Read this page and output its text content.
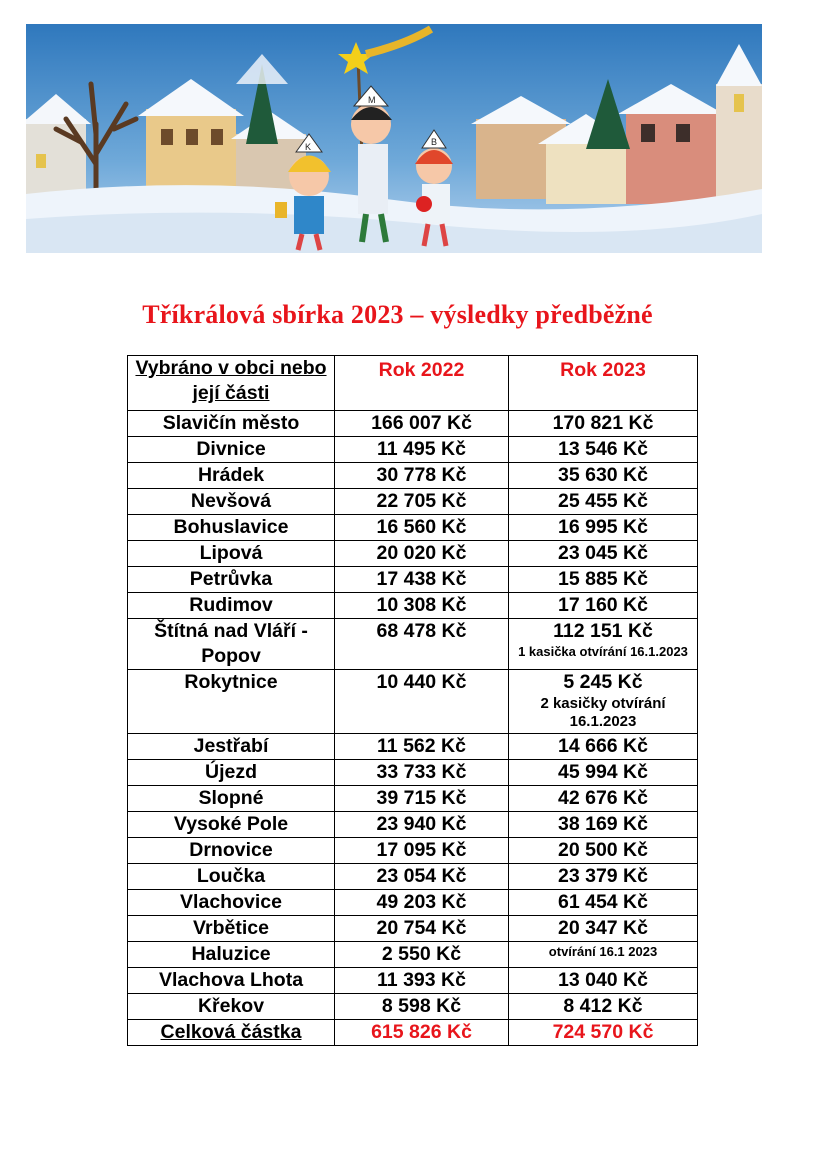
K
M
B
Tříkrálová sbírka 2023 – výsledky předběžné
Vybráno v obci nebo její části	Rok 2022	Rok 2023
Slavičín město	166 007 Kč	170 821 Kč

Divnice	11 495 Kč	13 546 Kč

Hrádek	30 778 Kč	35 630 Kč

Nevšová	22 705 Kč	25 455 Kč

Bohuslavice	16 560 Kč	16 995 Kč

Lipová	20 020 Kč	23 045 Kč

Petrůvka	17 438 Kč	15 885 Kč

Rudimov	10 308 Kč	17 160 Kč

Štítná nad Vláří - Popov	68 478 Kč	112 151 Kč
1 kasička otvírání 16.1.2023

Rokytnice	10 440 Kč	5 245 Kč
2 kasičky otvírání 16.1.2023

Jestřabí	11 562 Kč	14 666 Kč

Újezd	33 733 Kč	45 994 Kč

Slopné	39 715 Kč	42 676 Kč

Vysoké Pole	23 940 Kč	38 169 Kč

Drnovice	17 095 Kč	20 500 Kč

Loučka	23 054 Kč	23 379 Kč

Vlachovice	49 203 Kč	61 454 Kč

Vrbětice	20 754 Kč	20 347 Kč

Haluzice	2 550 Kč	otvírání 16.1 2023

Vlachova Lhota	11 393 Kč	13 040 Kč

Křekov	8 598 Kč	8 412 Kč

Celková částka	615 826 Kč	724 570 Kč
